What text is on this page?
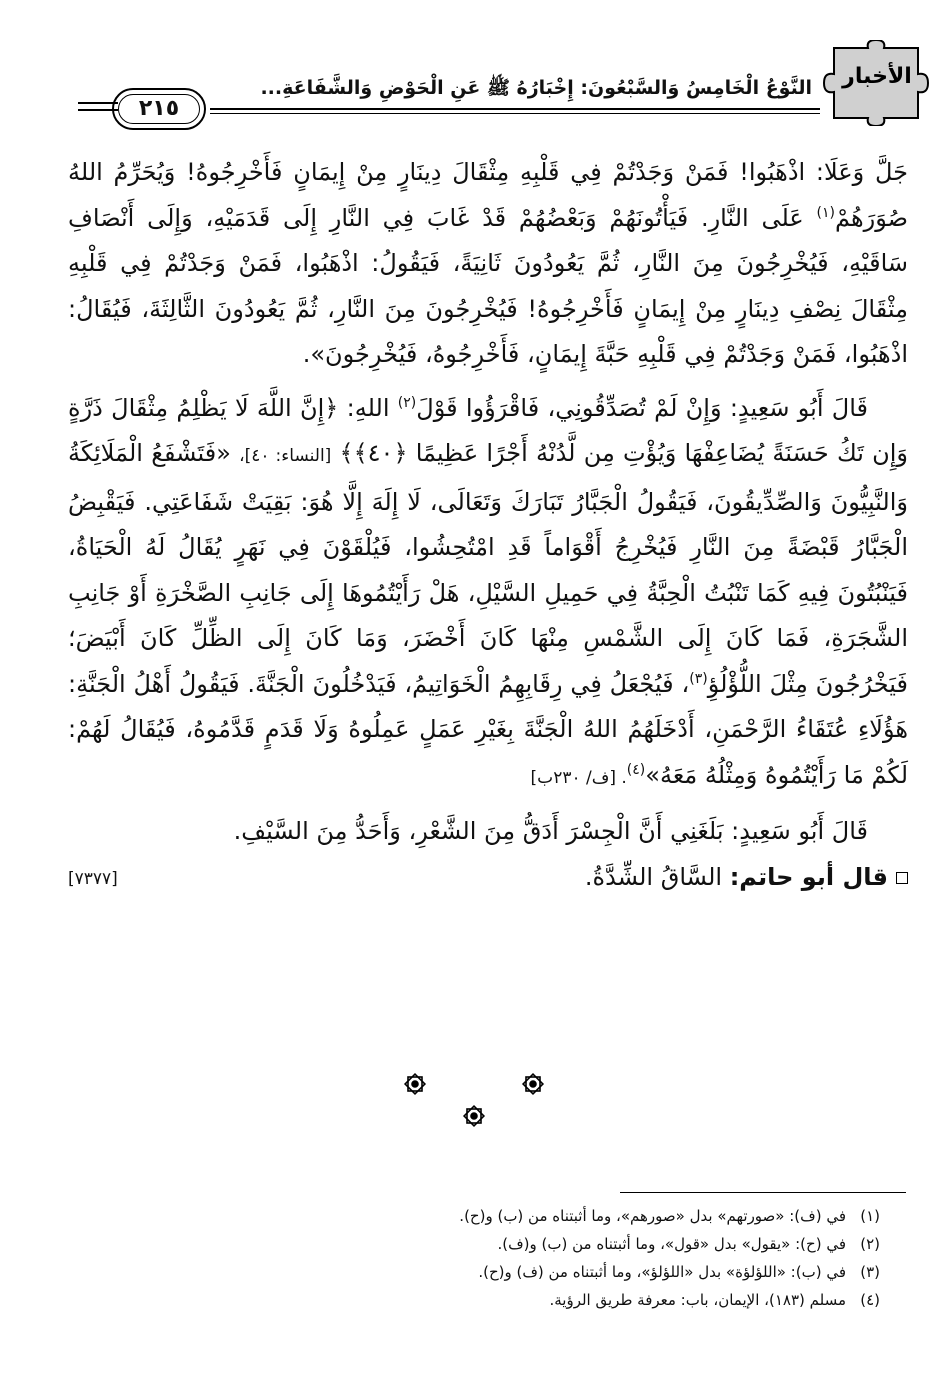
الأخبار
النَّوْعُ الْخَامِسُ وَالسَّبْعُونَ: إِخْبَارُهُ ﷺ عَنِ الْحَوْضِ وَالشَّفَاعَةِ...
٢١٥

جَلَّ وَعَلَا: اذْهَبُوا! فَمَنْ وَجَدْتُمْ فِي قَلْبِهِ مِثْقَالَ دِينَارٍ مِنْ إِيمَانٍ فَأَخْرِجُوهُ! وَيُحَرِّمُ اللهُ صُوَرَهُمْ$^{(١)}$ عَلَى النَّارِ. فَيَأْتُونَهُمْ وَبَعْضُهُمْ قَدْ غَابَ فِي النَّارِ إِلَى قَدَمَيْهِ، وَإِلَى أَنْصَافِ سَاقَيْهِ، فَيُخْرِجُونَ مِنَ النَّارِ، ثُمَّ يَعُودُونَ ثَانِيَةً، فَيَقُولُ: اذْهَبُوا، فَمَنْ وَجَدْتُمْ فِي قَلْبِهِ مِثْقَالَ نِصْفِ دِينَارٍ مِنْ إِيمَانٍ فَأَخْرِجُوهُ! فَيُخْرِجُونَ مِنَ النَّارِ، ثُمَّ يَعُودُونَ الثَّالِثَةَ، فَيُقَالُ: اذْهَبُوا، فَمَنْ وَجَدْتُمْ فِي قَلْبِهِ حَبَّةَ إِيمَانٍ، فَأَخْرِجُوهُ، فَيُخْرِجُونَ».

قَالَ أَبُو سَعِيدٍ: وَإِنْ لَمْ تُصَدِّقُونِي، فَاقْرَؤُوا قَوْلَ$^{(٢)}$ اللهِ: ﴿إِنَّ اللَّهَ لَا يَظْلِمُ مِثْقَالَ ذَرَّةٍ وَإِن تَكُ حَسَنَةً يُضَاعِفْهَا وَيُؤْتِ مِن لَّدُنْهُ أَجْرًا عَظِيمًا ﴿٤٠﴾﴾ [النساء: ٤٠]، «فَتَشْفَعُ الْمَلَائِكَةُ وَالنَّبِيُّونَ وَالصِّدِّيقُونَ، فَيَقُولُ الْجَبَّارُ تَبَارَكَ وَتَعَالَى، لَا إِلَهَ إِلَّا هُوَ: بَقِيَتْ شَفَاعَتِي. فَيَقْبِضُ الْجَبَّارُ قَبْضَةً مِنَ النَّارِ فَيُخْرِجُ أَقْوَاماً قَدِ امْتُحِشُوا، فَيُلْقَوْنَ فِي نَهَرٍ يُقَالُ لَهُ الْحَيَاةُ، فَيَنْبُتُونَ فِيهِ كَمَا تَنْبُتُ الْحِبَّةُ فِي حَمِيلِ السَّيْلِ، هَلْ رَأَيْتُمُوهَا إِلَى جَانِبِ الصَّخْرَةِ أَوْ جَانِبِ الشَّجَرَةِ، فَمَا كَانَ إِلَى الشَّمْسِ مِنْهَا كَانَ أَخْضَرَ، وَمَا كَانَ إِلَى الظِّلِّ كَانَ أَبْيَضَ؛ فَيَخْرُجُونَ مِثْلَ اللُّؤْلُؤِ$^{(٣)}$، فَيُجْعَلُ فِي رِقَابِهِمُ الْخَوَاتِيمُ، فَيَدْخُلُونَ الْجَنَّةَ. فَيَقُولُ أَهْلُ الْجَنَّةِ: هَؤُلَاءِ عُتَقَاءُ الرَّحْمَنِ، أَدْخَلَهُمُ اللهُ الْجَنَّةَ بِغَيْرِ عَمَلٍ عَمِلُوهُ وَلَا قَدَمٍ قَدَّمُوهُ، فَيُقَالُ لَهُمْ: لَكُمْ مَا رَأَيْتُمُوهُ وَمِثْلُهُ مَعَهُ»$^{(٤)}$. [ف/ ٢٣٠ب]

قَالَ أَبُو سَعِيدٍ: بَلَغَنِي أَنَّ الْجِسْرَ أَدَقُّ مِنَ الشَّعْرِ، وَأَحَدُّ مِنَ السَّيْفِ.

قال أبو حاتم: السَّاقُ الشِّدَّةُ.
[٧٣٧٧]
(١)في (ف): «صورتهم» بدل «صورهم»، وما أثبتناه من (ب) و(ح).
(٢)في (ح): «يقول» بدل «قول»، وما أثبتناه من (ب) و(ف).
(٣)في (ب): «اللؤلؤة» بدل «اللؤلؤ»، وما أثبتناه من (ف) و(ح).
(٤)مسلم (١٨٣)، الإيمان، باب: معرفة طريق الرؤية.
